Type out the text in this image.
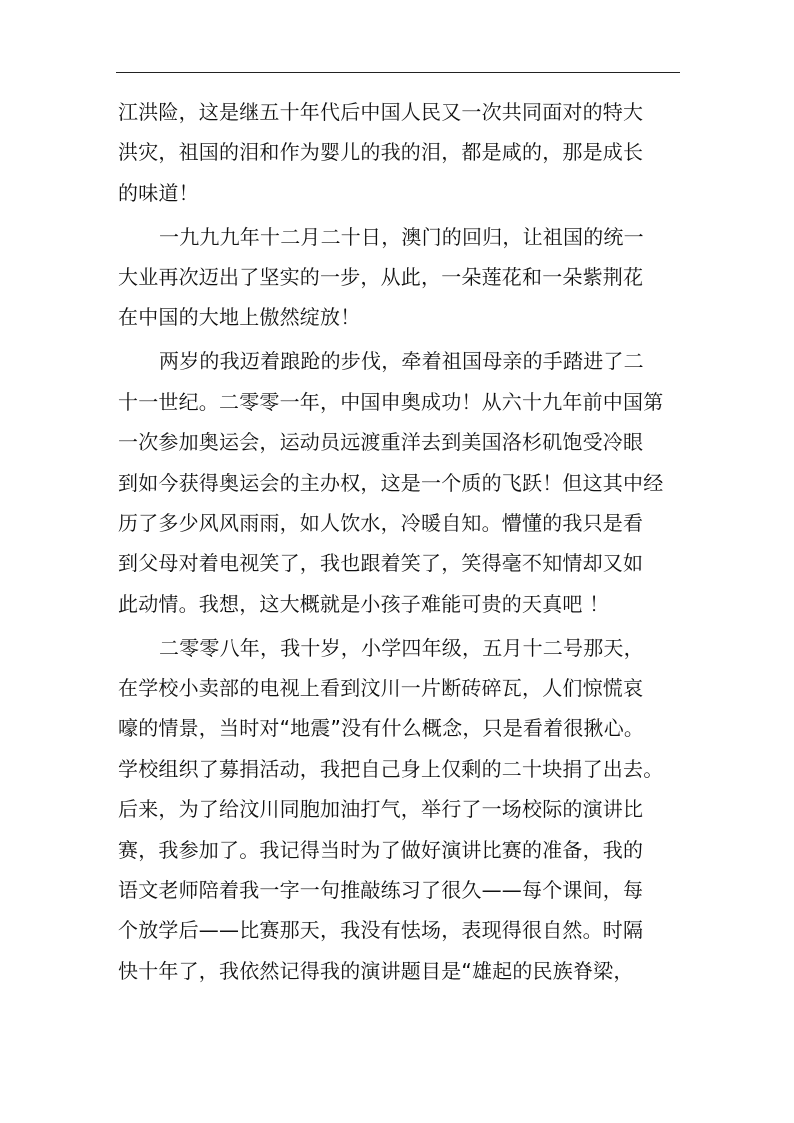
江洪险，这是继五十年代后中国人民又一次共同面对的特大
洪灾，祖国的泪和作为婴儿的我的泪，都是咸的，那是成长
的味道！
一九九九年十二月二十日，澳门的回归，让祖国的统一
大业再次迈出了坚实的一步，从此，一朵莲花和一朵紫荆花
在中国的大地上傲然绽放！
两岁的我迈着踉跄的步伐，牵着祖国母亲的手踏进了二
十一世纪。二零零一年，中国申奥成功！从六十九年前中国第
一次参加奥运会，运动员远渡重洋去到美国洛杉矶饱受冷眼
到如今获得奥运会的主办权，这是一个质的飞跃！但这其中经
历了多少风风雨雨，如人饮水，冷暖自知。懵懂的我只是看
到父母对着电视笑了，我也跟着笑了，笑得毫不知情却又如
此动情。我想，这大概就是小孩子难能可贵的天真吧 ！
二零零八年，我十岁，小学四年级，五月十二号那天，
在学校小卖部的电视上看到汶川一片断砖碎瓦，人们惊慌哀
嚎的情景，当时对“地震”没有什么概念，只是看着很揪心。
学校组织了募捐活动，我把自己身上仅剩的二十块捐了出去。
后来，为了给汶川同胞加油打气，举行了一场校际的演讲比
赛，我参加了。我记得当时为了做好演讲比赛的准备，我的
语文老师陪着我一字一句推敲练习了很久——每个课间，每
个放学后——比赛那天，我没有怯场，表现得很自然。时隔
快十年了，我依然记得我的演讲题目是“雄起的民族脊梁，
